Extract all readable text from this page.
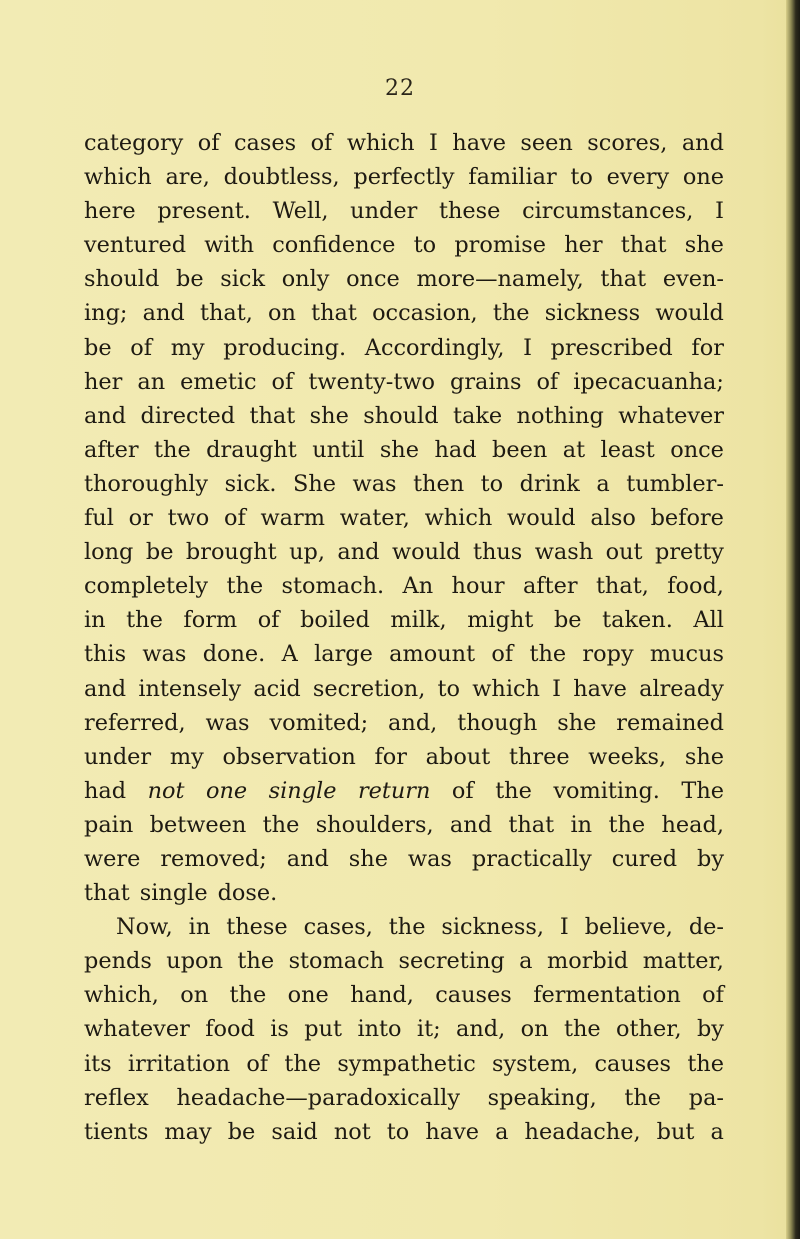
22
category of cases of which I have seen scores, and
which are, doubtless, perfectly familiar to every one
here present. Well, under these circumstances, I
ventured with confidence to promise her that she
should be sick only once more—namely, that even-
ing; and that, on that occasion, the sickness would
be of my producing. Accordingly, I prescribed for
her an emetic of twenty-two grains of ipecacuanha;
and directed that she should take nothing whatever
after the draught until she had been at least once
thoroughly sick. She was then to drink a tumbler-
ful or two of warm water, which would also before
long be brought up, and would thus wash out pretty
completely the stomach. An hour after that, food,
in the form of boiled milk, might be taken. All
this was done. A large amount of the ropy mucus
and intensely acid secretion, to which I have already
referred, was vomited; and, though she remained
under my observation for about three weeks, she
had not one single return of the vomiting. The
pain between the shoulders, and that in the head,
were removed; and she was practically cured by
that single dose.
Now, in these cases, the sickness, I believe, de-
pends upon the stomach secreting a morbid matter,
which, on the one hand, causes fermentation of
whatever food is put into it; and, on the other, by
its irritation of the sympathetic system, causes the
reflex headache—paradoxically speaking, the pa-
tients may be said not to have a headache, but a
